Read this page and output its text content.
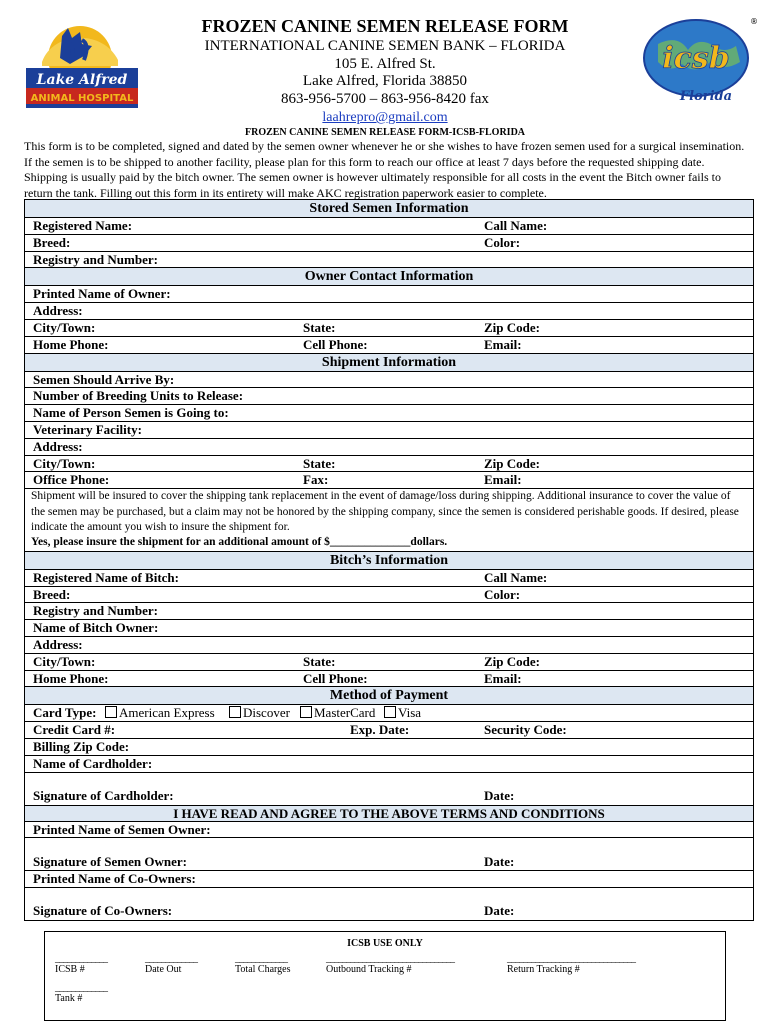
Lake Alfred
ANIMAL HOSPITAL
FROZEN CANINE SEMEN RELEASE FORM
INTERNATIONAL CANINE SEMEN BANK – FLORIDA
105 E. Alfred St.
Lake Alfred, Florida 38850
863-956-5700 – 863-956-8420 fax
laahrepro@gmail.com
FROZEN CANINE SEMEN RELEASE FORM-ICSB-FLORIDA
icsb
Florida
®
This form is to be completed, signed and dated by the semen owner whenever he or she wishes to have frozen semen used for a surgical insemination. If the semen is to be shipped to another facility, please plan for this form to reach our office at least 7 days before the requested shipping date. Shipping is usually paid by the bitch owner. The semen owner is however ultimately responsible for all costs in the event the Bitch owner fails to return the tank. Filling out this form in its entirety will make AKC registration paperwork easier to complete.
Stored Semen Information
Registered Name:	Call Name:
Breed:	Color:
Registry and Number:
Owner Contact Information
Printed Name of Owner:
Address:
City/Town:	State:	Zip Code:
Home Phone:	Cell Phone:	Email:
Shipment Information
Semen Should Arrive By:
Number of Breeding Units to Release:
Name of Person Semen is Going to:
Veterinary Facility:
Address:
City/Town:	State:	Zip Code:
Office Phone:	Fax:	Email:
Shipment will be insured to cover the shipping tank replacement in the event of damage/loss during shipping. Additional insurance to cover the value of the semen may be purchased, but a claim may not be honored by the shipping company, since the semen is considered perishable goods. If desired, please indicate the amount you wish to insure the shipment for.
Yes, please insure the shipment for an additional amount of $______________dollars.
Bitch’s Information
Registered Name of Bitch:	Call Name:
Breed:	Color:
Registry and Number:
Name of Bitch Owner:
Address:
City/Town:	State:	Zip Code:
Home Phone:	Cell Phone:	Email:
Method of Payment
Card Type:	American Express	Discover	MasterCard	Visa
Credit Card #:	Exp. Date:	Security Code:
Billing Zip Code:
Name of Cardholder:
Signature of Cardholder:	Date:
I HAVE READ AND AGREE TO THE ABOVE TERMS AND CONDITIONS
Printed Name of Semen Owner:
Signature of Semen Owner:	Date:
Printed Name of Co-Owners:
Signature of Co-Owners:	Date:
ICSB USE ONLY
_____________
ICSB #
_____________
Date Out
_____________
Total Charges
________________________________
Outbound Tracking #
________________________________
Return Tracking #
_____________
Tank #
